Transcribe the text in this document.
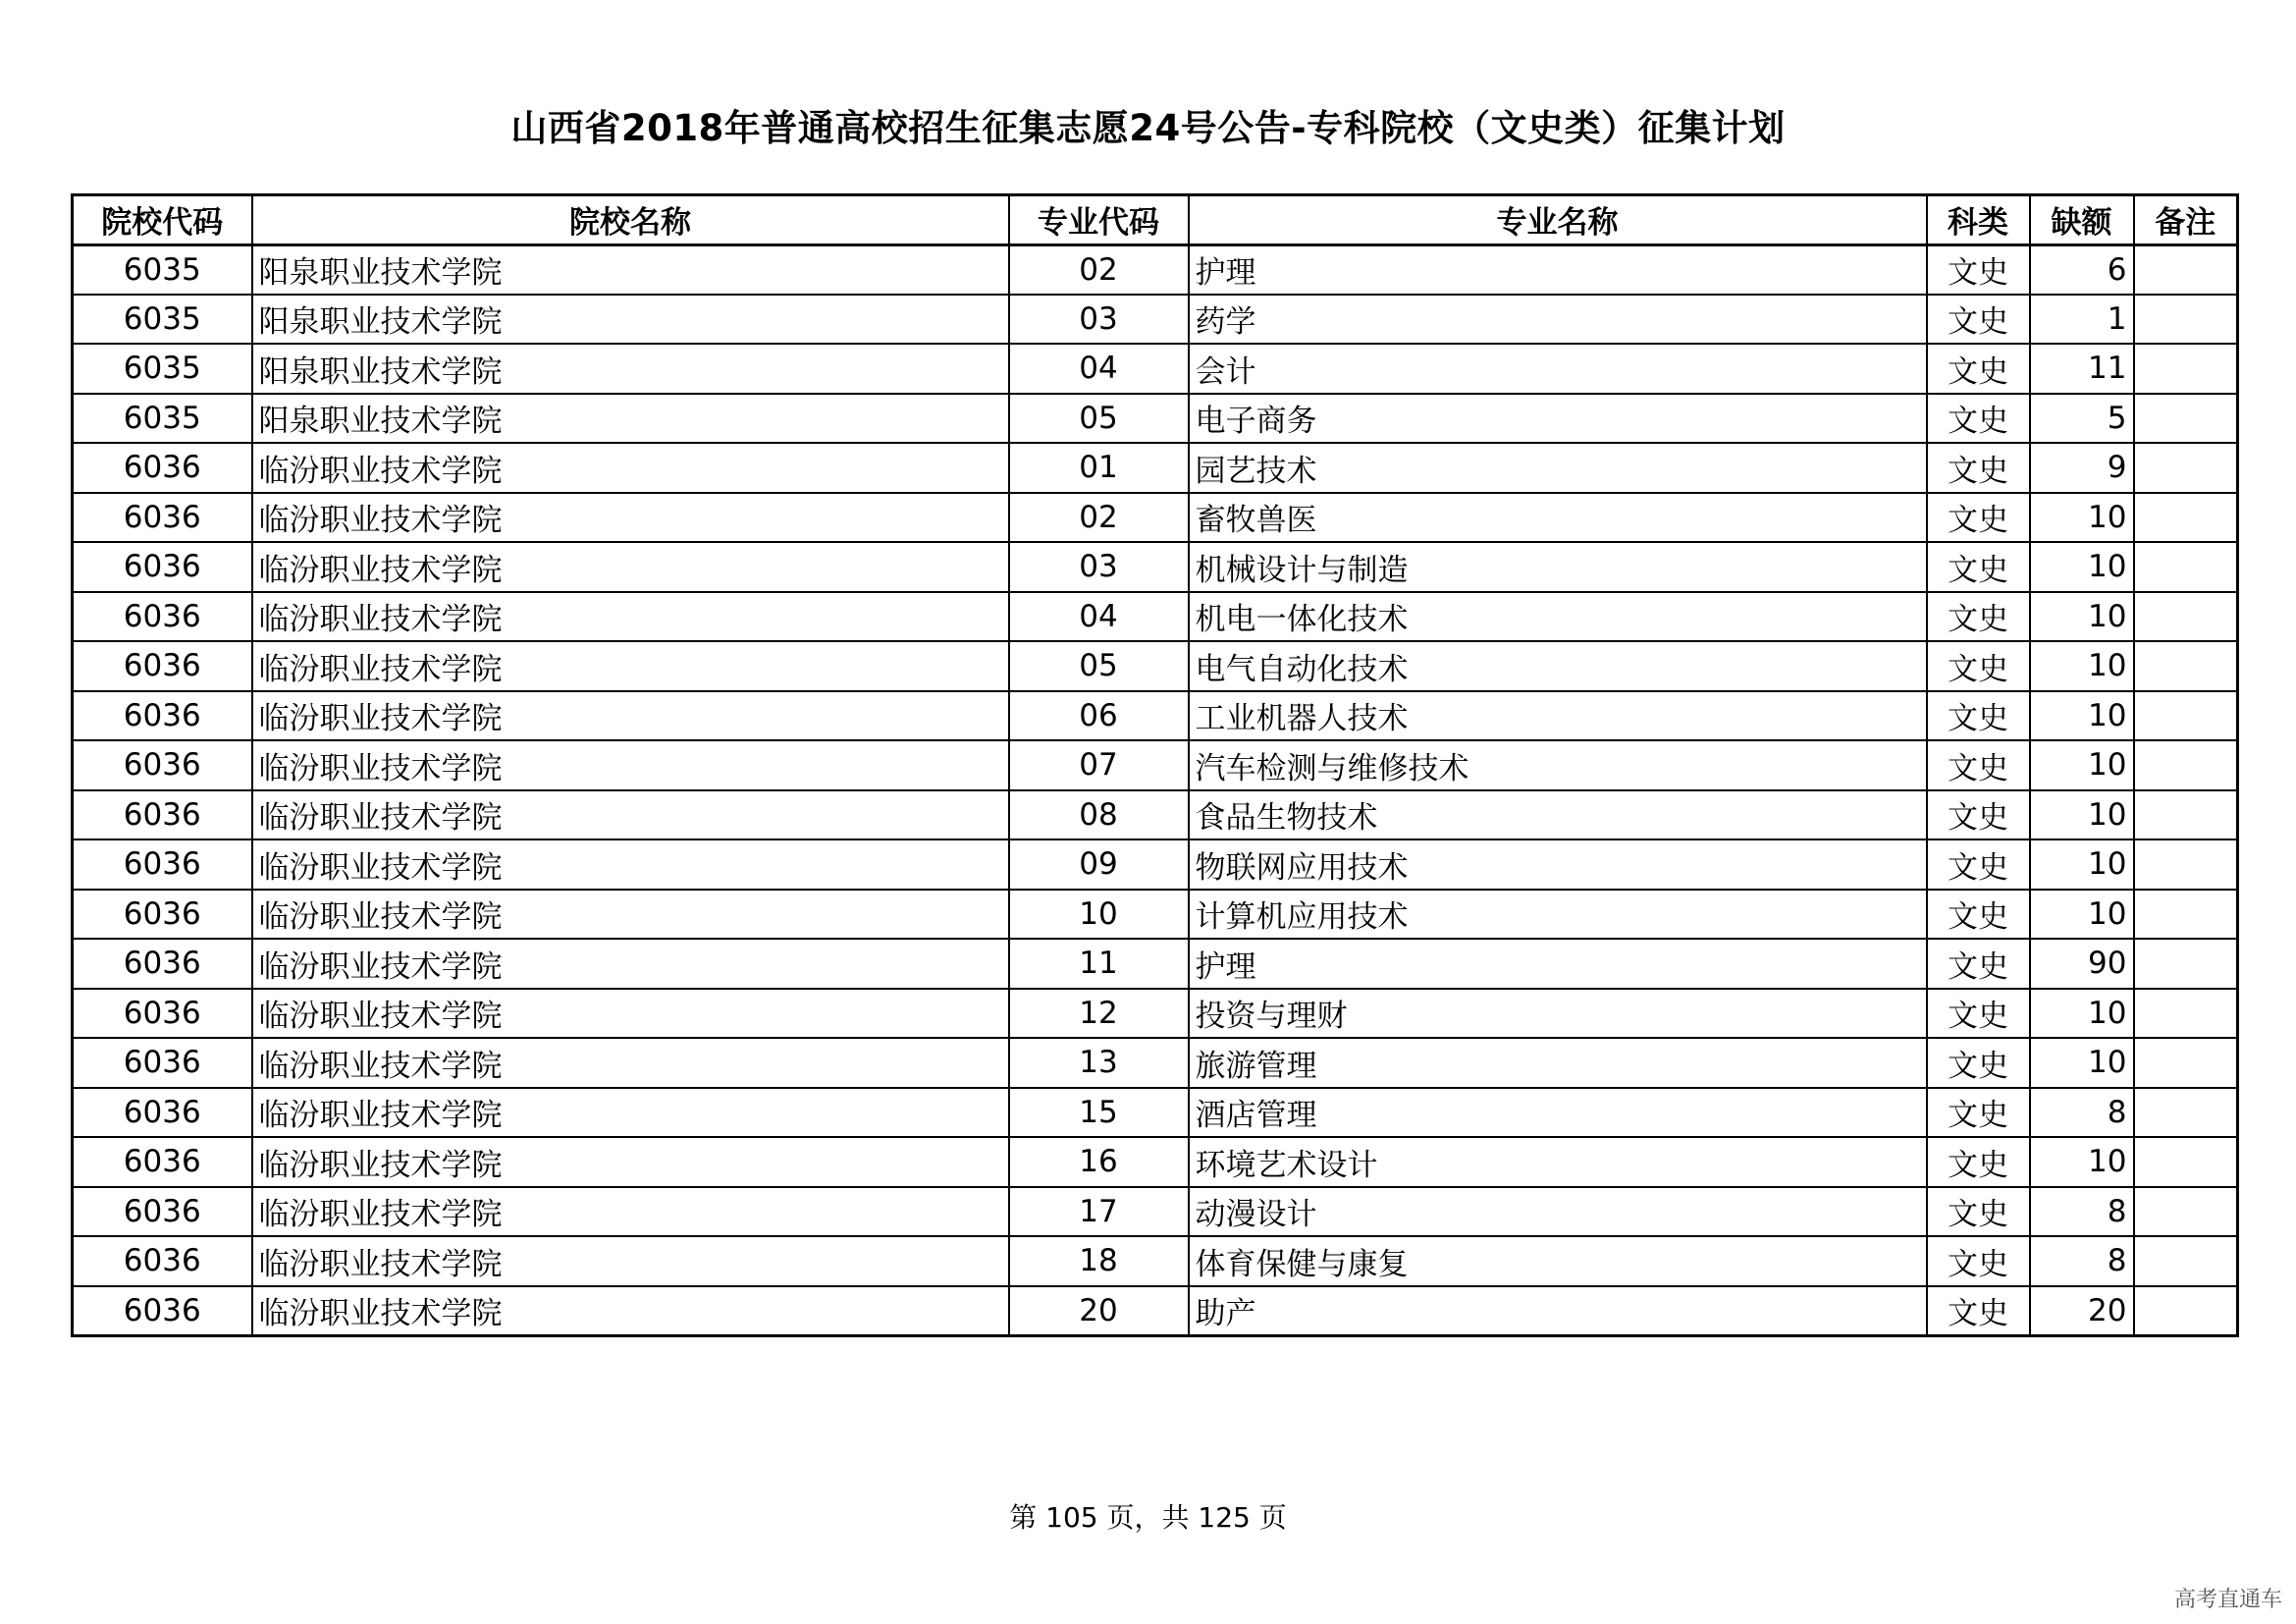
山西省2018年普通高校招生征集志愿24号公告-专科院校（文史类）征集计划
院校代码	院校名称	专业代码	专业名称	科类	缺额	备注
6035	阳泉职业技术学院	02	护理	文史	6	
6035	阳泉职业技术学院	03	药学	文史	1	
6035	阳泉职业技术学院	04	会计	文史	11	
6035	阳泉职业技术学院	05	电子商务	文史	5	
6036	临汾职业技术学院	01	园艺技术	文史	9	
6036	临汾职业技术学院	02	畜牧兽医	文史	10	
6036	临汾职业技术学院	03	机械设计与制造	文史	10	
6036	临汾职业技术学院	04	机电一体化技术	文史	10	
6036	临汾职业技术学院	05	电气自动化技术	文史	10	
6036	临汾职业技术学院	06	工业机器人技术	文史	10	
6036	临汾职业技术学院	07	汽车检测与维修技术	文史	10	
6036	临汾职业技术学院	08	食品生物技术	文史	10	
6036	临汾职业技术学院	09	物联网应用技术	文史	10	
6036	临汾职业技术学院	10	计算机应用技术	文史	10	
6036	临汾职业技术学院	11	护理	文史	90	
6036	临汾职业技术学院	12	投资与理财	文史	10	
6036	临汾职业技术学院	13	旅游管理	文史	10	
6036	临汾职业技术学院	15	酒店管理	文史	8	
6036	临汾职业技术学院	16	环境艺术设计	文史	10	
6036	临汾职业技术学院	17	动漫设计	文史	8	
6036	临汾职业技术学院	18	体育保健与康复	文史	8	
6036	临汾职业技术学院	20	助产	文史	20	
第 105 页，共 125 页
高考直通车
